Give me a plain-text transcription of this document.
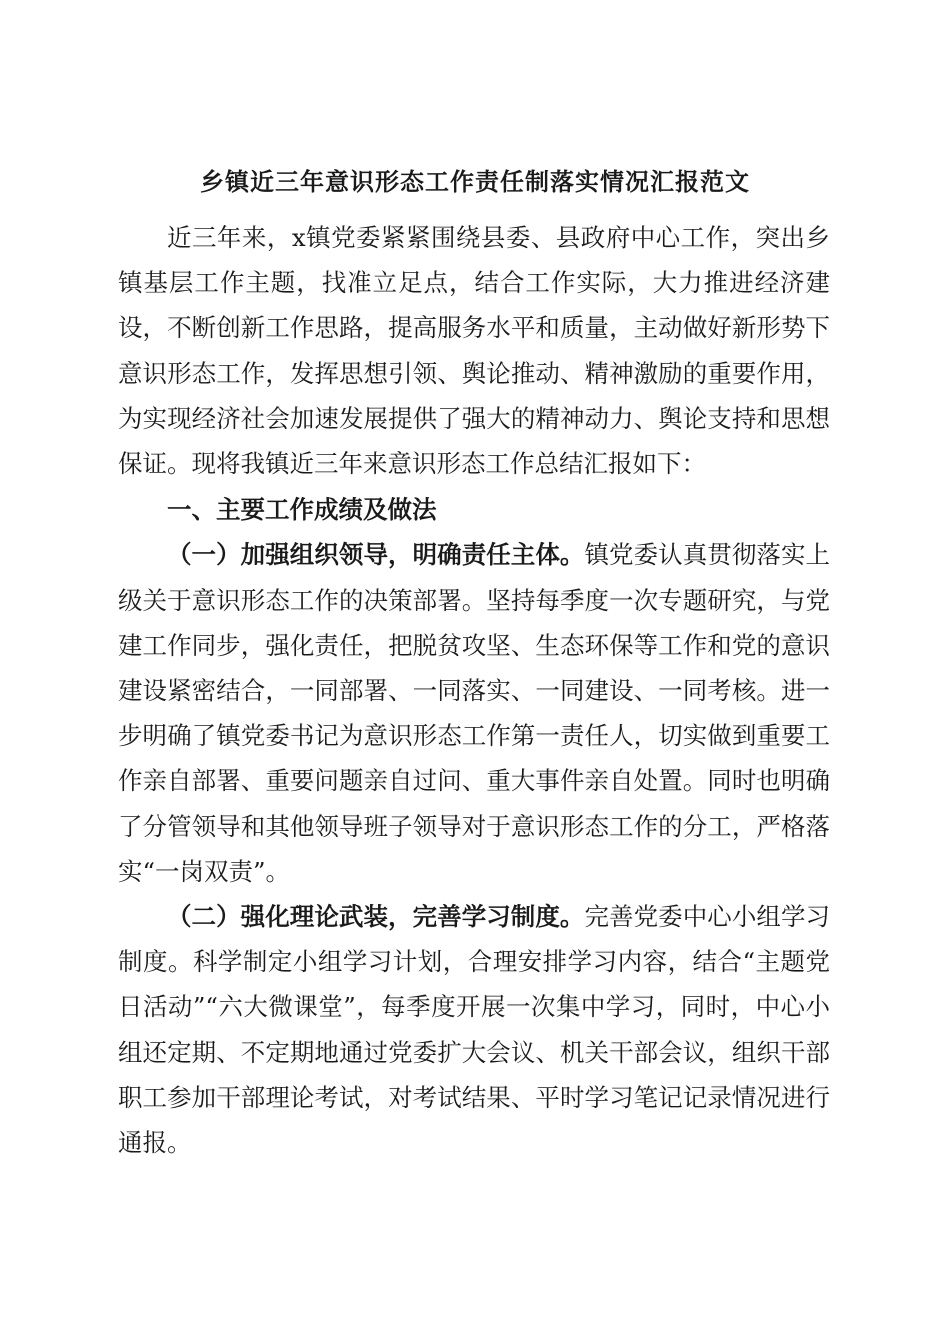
乡镇近三年意识形态工作责任制落实情况汇报范文

近三年来，x镇党委紧紧围绕县委、县政府中心工作，突出乡镇基层工作主题，找准立足点，结合工作实际，大力推进经济建设，不断创新工作思路，提高服务水平和质量，主动做好新形势下意识形态工作，发挥思想引领、舆论推动、精神激励的重要作用，为实现经济社会加速发展提供了强大的精神动力、舆论支持和思想保证。现将我镇近三年来意识形态工作总结汇报如下：

一、主要工作成绩及做法

（一）加强组织领导，明确责任主体。镇党委认真贯彻落实上级关于意识形态工作的决策部署。坚持每季度一次专题研究，与党建工作同步，强化责任，把脱贫攻坚、生态环保等工作和党的意识建设紧密结合，一同部署、一同落实、一同建设、一同考核。进一步明确了镇党委书记为意识形态工作第一责任人，切实做到重要工作亲自部署、重要问题亲自过问、重大事件亲自处置。同时也明确了分管领导和其他领导班子领导对于意识形态工作的分工，严格落实“一岗双责”。

（二）强化理论武装，完善学习制度。完善党委中心小组学习制度。科学制定小组学习计划，合理安排学习内容，结合“主题党日活动”“六大微课堂”，每季度开展一次集中学习，同时，中心小组还定期、不定期地通过党委扩大会议、机关干部会议，组织干部职工参加干部理论考试，对考试结果、平时学习笔记记录情况进行通报。
